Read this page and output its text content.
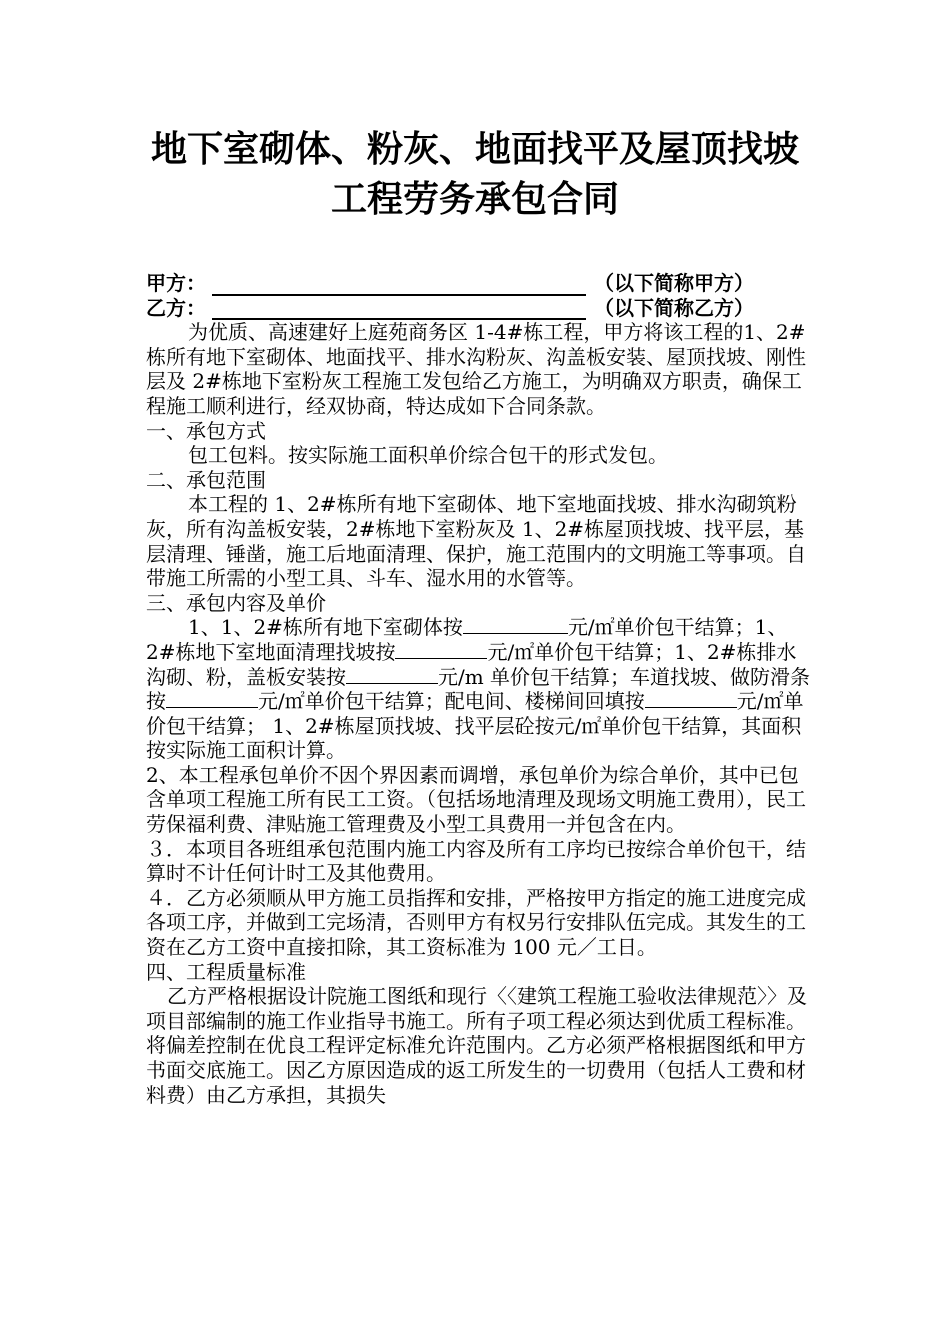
地下室砌体、粉灰、地面找平及屋顶找坡
工程劳务承包合同

甲方：	（以下简称甲方）

乙方：	（以下简称乙方）

为优质、高速建好上庭苑商务区 1-4#栋工程，甲方将该工程的1、2#栋所有地下室砌体、地面找平、排水沟粉灰、沟盖板安装、屋顶找坡、刚性层及 2#栋地下室粉灰工程施工发包给乙方施工，为明确双方职责，确保工程施工顺利进行，经双协商，特达成如下合同条款。

一、承包方式

包工包料。按实际施工面积单价综合包干的形式发包。

二、承包范围

本工程的 1、2#栋所有地下室砌体、地下室地面找坡、排水沟砌筑粉灰，所有沟盖板安装，2#栋地下室粉灰及 1、2#栋屋顶找坡、找平层，基层清理、锤凿，施工后地面清理、保护，施工范围内的文明施工等事项。自带施工所需的小型工具、斗车、湿水用的水管等。

三、承包内容及单价

1、1、2#栋所有地下室砌体按	元/㎡单价包干结算；1、2#栋地下室地面清理找坡按	元/㎡单价包干结算；1、2#栋排水沟砌、粉，盖板安装按	元/m 单价包干结算；车道找坡、做防滑条按	元/㎡单价包干结算；配电间、楼梯间回填按	元/㎡单价包干结算； 1、2#栋屋顶找坡、找平层砼按元/㎡单价包干结算，其面积按实际施工面积计算。

2、本工程承包单价不因个界因素而调增，承包单价为综合单价，其中已包含单项工程施工所有民工工资。（包括场地清理及现场文明施工费用），民工劳保福利费、津贴施工管理费及小型工具费用一并包含在内。

３．本项目各班组承包范围内施工内容及所有工序均已按综合单价包干，结算时不计任何计时工及其他费用。

４．乙方必须顺从甲方施工员指挥和安排，严格按甲方指定的施工进度完成各项工序，并做到工完场清，否则甲方有权另行安排队伍完成。其发生的工资在乙方工资中直接扣除，其工资标准为 100 元／工日。

四、工程质量标准

乙方严格根据设计院施工图纸和现行〈〈建筑工程施工验收法律规范〉〉及项目部编制的施工作业指导书施工。所有子项工程必须达到优质工程标准。将偏差控制在优良工程评定标准允许范围内。乙方必须严格根据图纸和甲方书面交底施工。因乙方原因造成的返工所发生的一切费用（包括人工费和材料费）由乙方承担，其损失
